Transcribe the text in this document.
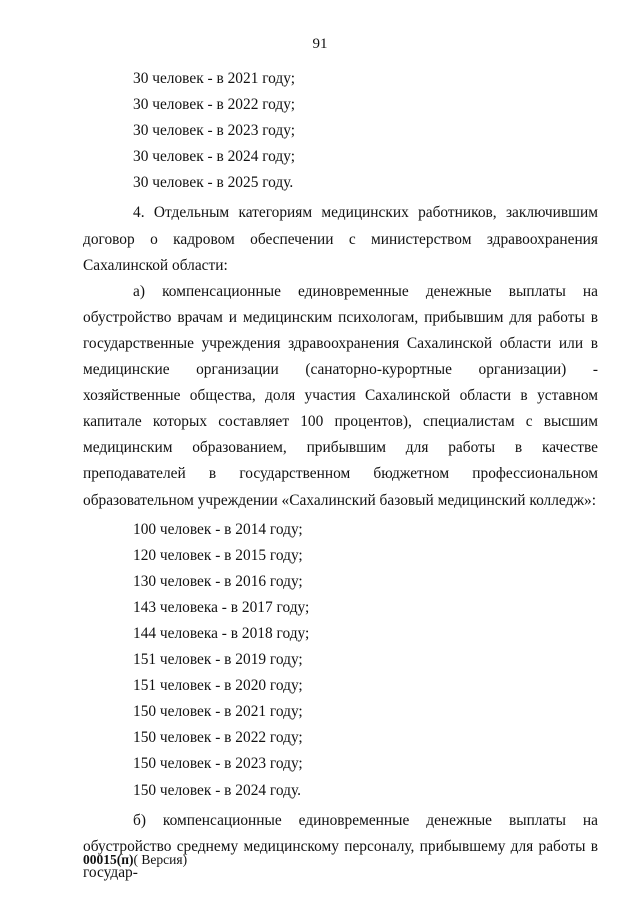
91
30 человек - в 2021 году;
30 человек - в 2022 году;
30 человек - в 2023 году;
30 человек - в 2024 году;
30 человек - в 2025 году.

4. Отдельным категориям медицинских работников, заключившим договор о кадровом обеспечении с министерством здравоохранения Сахалинской области:

а) компенсационные единовременные денежные выплаты на обустройство врачам и медицинским психологам, прибывшим для работы в государственные учреждения здравоохранения Сахалинской области или в медицинские организации (санаторно-курортные организации) - хозяйственные общества, доля участия Сахалинской области в уставном капитале которых составляет 100 процентов), специалистам с высшим медицинским образованием, прибывшим для работы в качестве преподавателей в государственном бюджетном профессиональном образовательном учреждении «Сахалинский базовый медицинский колледж»:

100 человек - в 2014 году;
120 человек - в 2015 году;
130 человек - в 2016 году;
143 человека - в 2017 году;
144 человека - в 2018 году;
151 человек - в 2019 году;
151 человек - в 2020 году;
150 человек - в 2021 году;
150 человек - в 2022 году;
150 человек - в 2023 году;
150 человек - в 2024 году.

б) компенсационные единовременные денежные выплаты на обустройство среднему медицинскому персоналу, прибывшему для работы в государ-

00015(п)( Версия)
